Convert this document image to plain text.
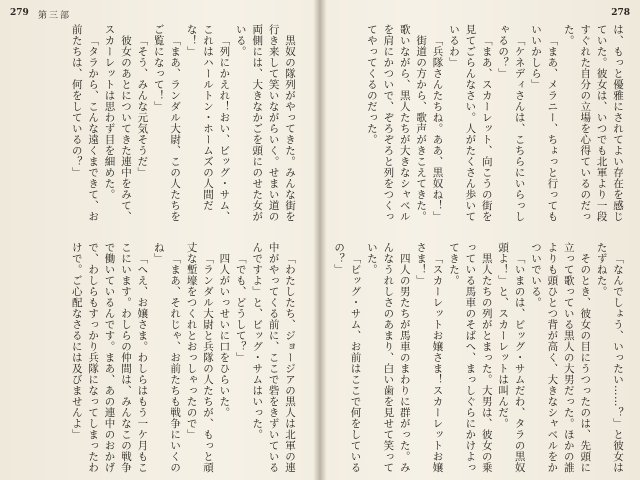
279 第三部

黒奴の隊列がやってきた。みんな街を行き来して笑いながらいく。せまい道の両側には、大きなかごを頭にのせた女がいる。

「列にかえれ！おい、ビッグ・サム、これはハールトン・ホームズの人間だな！」

「まあ、ランダル大尉、この人たちをご覧になって！」

「そう、みんな元気そうだ」

彼女のあとについてきた連中をみて、スカーレットは思わず目を細めた。

「タラから、こんな遠くまできて、お前たちは、何をしているの？」

「わたしたち、ジョージアの黒人は北軍の連中がやってくる前に、ここで砦をきずいているんですよ」と、ビッグ・サムはいった。

「でも、どうして？」

四人がいっせいに口をひらいた。

「ランダル大尉と兵隊の人たちが、もっと頑丈な塹壕をつくれとおっしゃったので」

「まあ、それじゃ、お前たちも戦争にいくのね」

「へえ、お嬢さま。わしらはもう一ケ月もここにいます。わしらの仲間は、みんなこの戦争で働いているんです。まあ、あの連中のおかげで、わしらもすっかり兵隊になってしまったわけで。ご心配なさるには及びませんよ」

278

は、もっと優雅にされてよい存在を感じていた。彼女は、いつでも北軍より一段すぐれた自分の立場を心得ているのだった。

「まあ、メラニー、ちょっと行ってもいいかしら」

「ケネディさんは、こちらにいらっしゃるの？」

「まあ、スカーレット、向こうの街を見てごらんなさい。人がたくさん歩いているわ」

「兵隊さんたちね。ああ、黒奴ね！」

街道の方から、歌声がきこえてきた。歌いながら、黒人たちが大きなシャベルを肩にかついで、ぞろぞろと列をつくってやってくるのだった。

「なんでしょう、いったい……？」と彼女はたずねた。

そのとき、彼女の目にうつったのは、先頭に立って歌っている黒人の大男だった。ほかの誰よりも頭ひとつ背が高く、大きなシャベルをかついでいる。

「いまのは、ビッグ・サムだわ、タラの黒奴頭よ！」と、スカーレットは叫んだ。

黒人たちの列がとまった。大男は、彼女の乗っている馬車のそばへ、まっしぐらにかけよってきた。

「スカーレットお嬢さま！スカーレットお嬢さま！」

四人の男たちが馬車のまわりに群がった。みんなうれしさのあまり、白い歯を見せて笑っていた。

「ビッグ・サム、お前はここで何をしているの？」
